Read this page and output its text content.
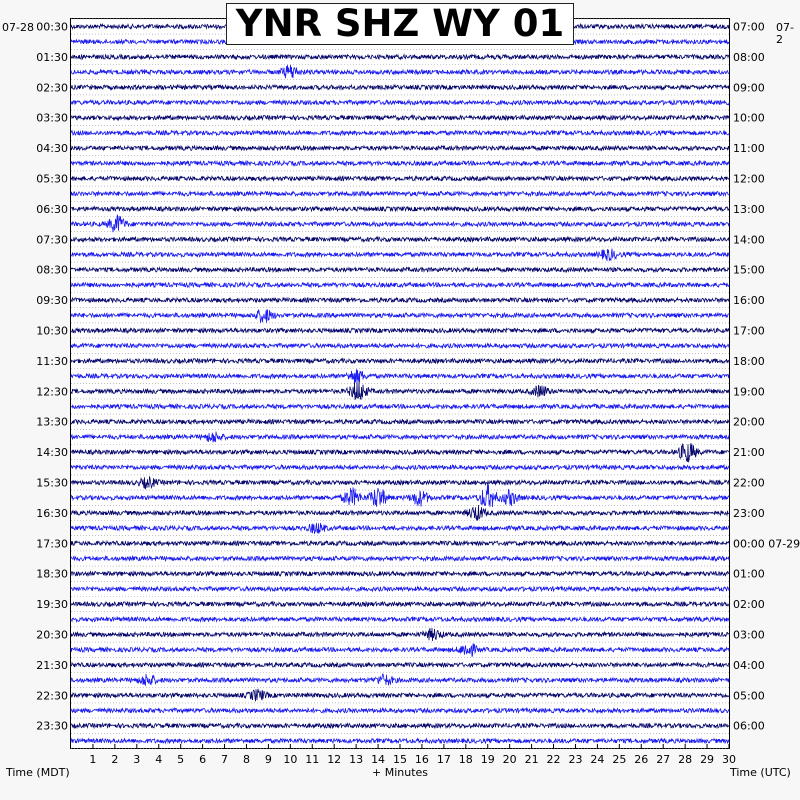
1 2 3 4 5 6 7 8 9 10 11 12 13 14 15 16 17 18 19 20 21 22 23 24 25 26 27 28 29 30
00:30
01:30
02:30
03:30
04:30
05:30
06:30
07:30
08:30
09:30
10:30
11:30
12:30
13:30
14:30
15:30
16:30
17:30
18:30
19:30
20:30
21:30
22:30
23:30
07:00
08:00
09:00
10:00
11:00
12:00
13:00
14:00
15:00
16:00
17:00
18:00
19:00
20:00
21:00
22:00
23:00
00:00 07-29
01:00
02:00
03:00
04:00
05:00
06:00
YNR SHZ WY 01
07-28	07-2
Time (MDT)	+ Minutes	Time (UTC)
